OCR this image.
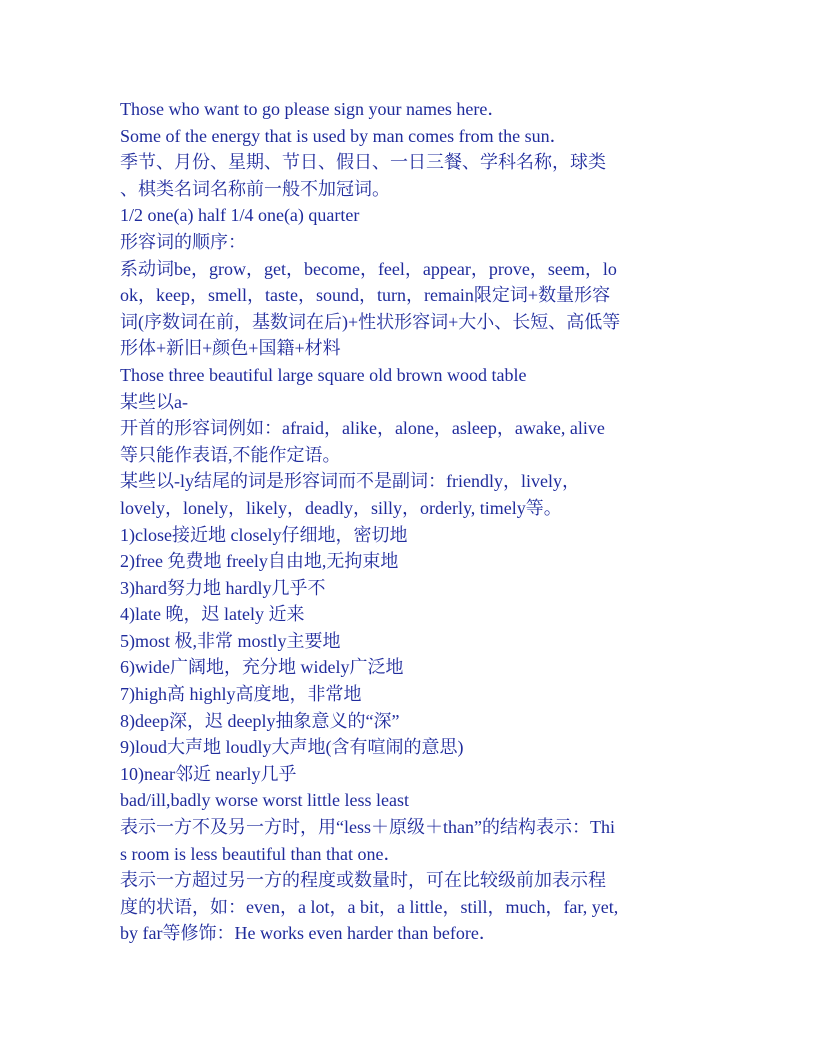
Those who want to go please sign your names here．
Some of the energy that is used by man comes from the sun．
季节、月份、星期、节日、假日、一日三餐、学科名称，球类
、棋类名词名称前一般不加冠词。
1/2 one(a) half 1/4 one(a) quarter
形容词的顺序：
系动词be，grow，get，become，feel，appear，prove，seem，lo
ok，keep，smell，taste，sound，turn，remain限定词+数量形容
词(序数词在前，基数词在后)+性状形容词+大小、长短、高低等
形体+新旧+颜色+国籍+材料
Those three beautiful large square old brown wood table
某些以a-
开首的形容词例如：afraid，alike，alone，asleep，awake, alive
等只能作表语,不能作定语。
某些以-ly结尾的词是形容词而不是副词：friendly，lively，
lovely，lonely，likely，deadly，silly，orderly, timely等。
1)close接近地 closely仔细地，密切地
2)free 免费地 freely自由地,无拘束地
3)hard努力地 hardly几乎不
4)late 晚，迟 lately 近来
5)most 极,非常 mostly主要地
6)wide广阔地，充分地 widely广泛地
7)high高 highly高度地，非常地
8)deep深，迟 deeply抽象意义的“深”
9)loud大声地 loudly大声地(含有喧闹的意思)
10)near邻近 nearly几乎
bad/ill,badly worse worst little less least
表示一方不及另一方时，用“less＋原级＋than”的结构表示：Thi
s room is less beautiful than that one．
表示一方超过另一方的程度或数量时，可在比较级前加表示程
度的状语，如：even，a lot，a bit，a little，still，much，far, yet,
by far等修饰：He works even harder than before．
